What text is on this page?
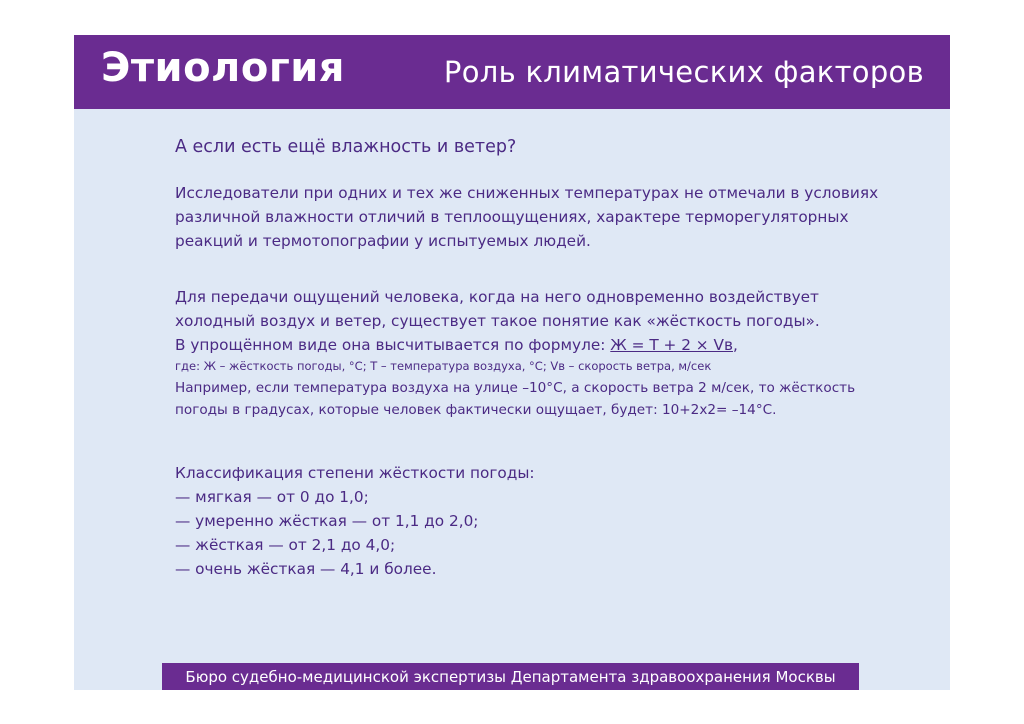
Этиология	Роль климатических факторов

А если есть ещё влажность и ветер?

Исследователи при одних и тех же сниженных температурах не отмечали в условиях различной влажности отличий в теплоощущениях, характере терморегуляторных реакций и термотопографии у испытуемых людей.

Для передачи ощущений человека, когда на него одновременно воздействует холодный воздух и ветер, существует такое понятие как «жёсткость погоды».

В упрощённом виде она высчитывается по формуле: Ж = Т + 2 × Vв,

где: Ж – жёсткость погоды, °С; Т – температура воздуха, °С; Vв – скорость ветра, м/сек

Например, если температура воздуха на улице –10°С, а скорость ветра 2 м/сек, то жёсткость погоды в градусах, которые человек фактически ощущает, будет: 10+2х2= –14°С.

Классификация степени жёсткости погоды:

— мягкая — от 0 до 1,0;
— умеренно жёсткая — от 1,1 до 2,0;
— жёсткая — от 2,1 до 4,0;
— очень жёсткая — 4,1 и более.
Бюро судебно-медицинской экспертизы Департамента здравоохранения Москвы
